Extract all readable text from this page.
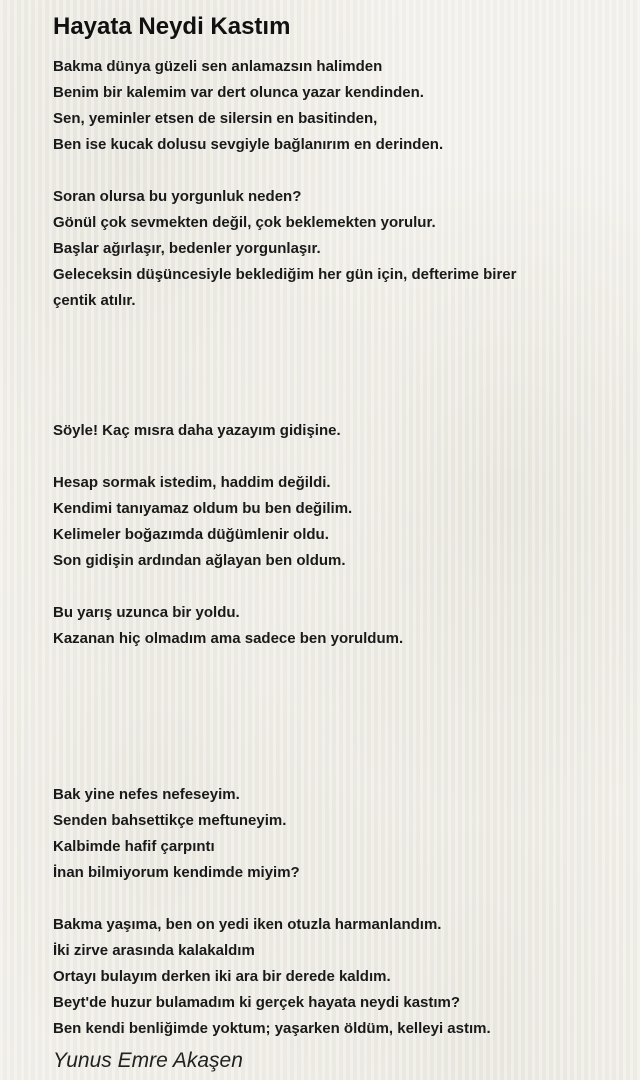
Hayata Neydi Kastım
Bakma dünya güzeli sen anlamazsın halimden
Benim bir kalemim var dert olunca yazar kendinden.
Sen, yeminler etsen de silersin en basitinden,
Ben ise kucak dolusu sevgiyle bağlanırım en derinden.
Soran olursa bu yorgunluk neden?
Gönül çok sevmekten değil, çok beklemekten yorulur.
Başlar ağırlaşır, bedenler yorgunlaşır.
Geleceksin düşüncesiyle beklediğim her gün için, defterime birer
çentik atılır.
Söyle! Kaç mısra daha yazayım gidişine.
Hesap sormak istedim, haddim değildi.
Kendimi tanıyamaz oldum bu ben değilim.
Kelimeler boğazımda düğümlenir oldu.
Son gidişin ardından ağlayan ben oldum.
Bu yarış uzunca bir yoldu.
Kazanan hiç olmadım ama sadece ben yoruldum.
Bak yine nefes nefeseyim.
Senden bahsettikçe meftuneyim.
Kalbimde hafif çarpıntı
İnan bilmiyorum kendimde miyim?
Bakma yaşıma, ben on yedi iken otuzla harmanlandım.
İki zirve arasında kalakaldım
Ortayı bulayım derken iki ara bir derede kaldım.
Beyt'de huzur bulamadım ki gerçek hayata neydi kastım?
Ben kendi benliğimde yoktum; yaşarken öldüm, kelleyi astım.
Yunus Emre Akaşen
